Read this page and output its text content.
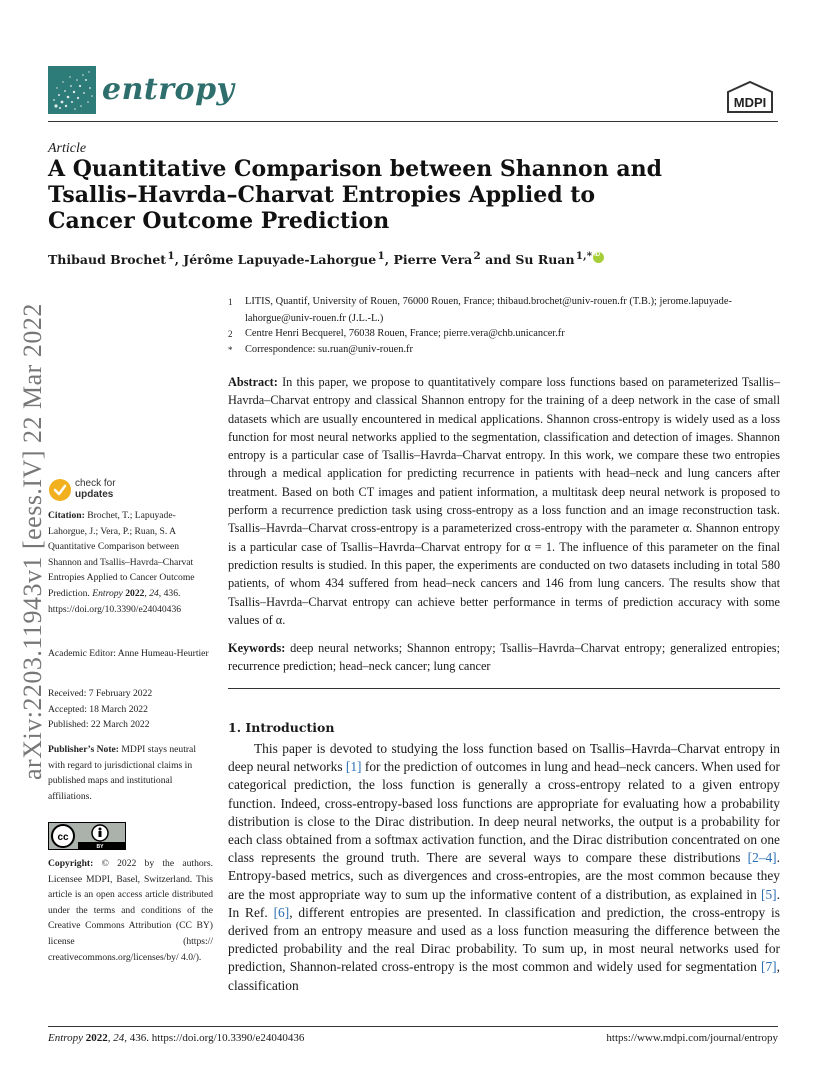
entropy	MDPI
Article
A Quantitative Comparison between Shannon and Tsallis–Havrda–Charvat Entropies Applied to Cancer Outcome Prediction
Thibaud Brochet $^1$, Jérôme Lapuyade-Lahorgue $^1$, Pierre Vera $^2$ and Su Ruan $^{1,*}$iD
arXiv:2203.11943v1 [eess.IV] 22 Mar 2022
1 LITIS, Quantif, University of Rouen, 76000 Rouen, France; thibaud.brochet@univ-rouen.fr (T.B.); jerome.lapuyade-lahorgue@univ-rouen.fr (J.L.-L.)
2 Centre Henri Becquerel, 76038 Rouen, France; pierre.vera@chb.unicancer.fr
* Correspondence: su.ruan@univ-rouen.fr
Abstract: In this paper, we propose to quantitatively compare loss functions based on parameterized Tsallis–Havrda–Charvat entropy and classical Shannon entropy for the training of a deep network in the case of small datasets which are usually encountered in medical applications. Shannon cross-entropy is widely used as a loss function for most neural networks applied to the segmentation, classification and detection of images. Shannon entropy is a particular case of Tsallis–Havrda–Charvat entropy. In this work, we compare these two entropies through a medical application for predicting recurrence in patients with head–neck and lung cancers after treatment. Based on both CT images and patient information, a multitask deep neural network is proposed to perform a recurrence prediction task using cross-entropy as a loss function and an image reconstruction task. Tsallis–Havrda–Charvat cross-entropy is a parameterized cross-entropy with the parameter α. Shannon entropy is a particular case of Tsallis–Havrda–Charvat entropy for α = 1. The influence of this parameter on the final prediction results is studied. In this paper, the experiments are conducted on two datasets including in total 580 patients, of whom 434 suffered from head–neck cancers and 146 from lung cancers. The results show that Tsallis–Havrda–Charvat entropy can achieve better performance in terms of prediction accuracy with some values of α.
Keywords: deep neural networks; Shannon entropy; Tsallis–Havrda–Charvat entropy; generalized entropies; recurrence prediction; head–neck cancer; lung cancer
check for
updates
Citation: Brochet, T.; Lapuyade-Lahorgue, J.; Vera, P.; Ruan, S. A Quantitative Comparison between Shannon and Tsallis–Havrda–Charvat Entropies Applied to Cancer Outcome Prediction. Entropy 2022, 24, 436. https://doi.org/10.3390/e24040436
Academic Editor: Anne Humeau-Heurtier
Received: 7 February 2022
Accepted: 18 March 2022
Published: 22 March 2022
Publisher’s Note: MDPI stays neutral with regard to jurisdictional claims in published maps and institutional affiliations.
cc
BY
Copyright: © 2022 by the authors. Licensee MDPI, Basel, Switzerland. This article is an open access article distributed under the terms and conditions of the Creative Commons Attribution (CC BY) license (https:// creativecommons.org/licenses/by/ 4.0/).
1. Introduction
This paper is devoted to studying the loss function based on Tsallis–Havrda–Charvat entropy in deep neural networks [1] for the prediction of outcomes in lung and head–neck cancers. When used for categorical prediction, the loss function is generally a cross-entropy related to a given entropy function. Indeed, cross-entropy-based loss functions are appropriate for evaluating how a probability distribution is close to the Dirac distribution. In deep neural networks, the output is a probability for each class obtained from a softmax activation function, and the Dirac distribution concentrated on one class represents the ground truth. There are several ways to compare these distributions [2–4]. Entropy-based metrics, such as divergences and cross-entropies, are the most common because they are the most appropriate way to sum up the informative content of a distribution, as explained in [5]. In Ref. [6], different entropies are presented. In classification and prediction, the cross-entropy is derived from an entropy measure and used as a loss function measuring the difference between the predicted probability and the real Dirac probability. To sum up, in most neural networks used for prediction, Shannon-related cross-entropy is the most common and widely used for segmentation [7], classification
Entropy 2022, 24, 436. https://doi.org/10.3390/e24040436	https://www.mdpi.com/journal/entropy
